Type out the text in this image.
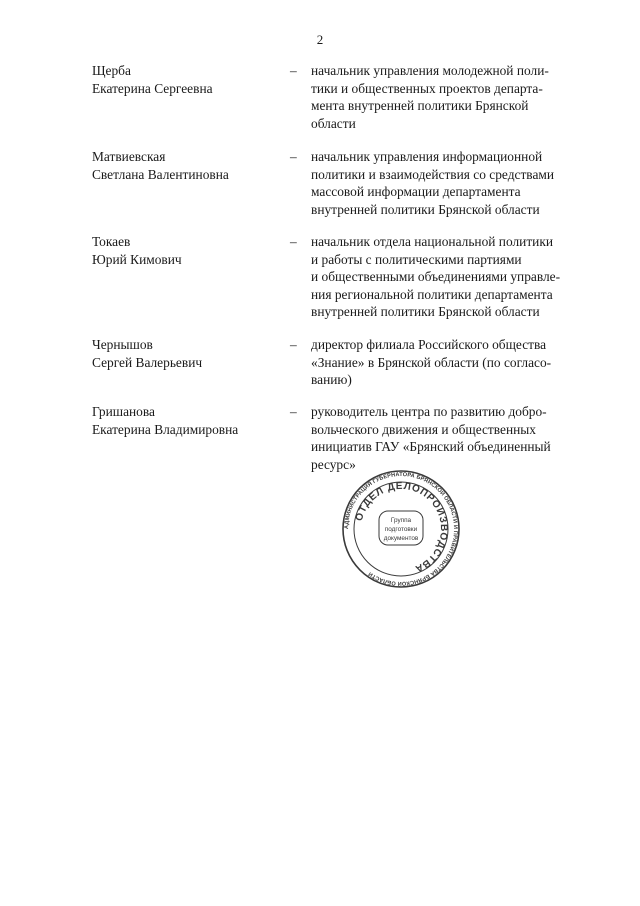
2
Щерба
Екатерина Сергеевна
– начальник управления молодежной поли-
тики и общественных проектов департа-
мента внутренней политики Брянской
области
Матвиевская
Светлана Валентиновна
– начальник управления информационной
политики и взаимодействия со средствами
массовой информации департамента
внутренней политики Брянской области
Токаев
Юрий Кимович
– начальник отдела национальной политики
и работы с политическими партиями
и общественными объединениями управле-
ния региональной политики департамента
внутренней политики Брянской области
Чернышов
Сергей Валерьевич
– директор филиала Российского общества
«Знание» в Брянской области (по согласо-
ванию)
Гришанова
Екатерина Владимировна
– руководитель центра по развитию добро-
вольческого движения и общественных
инициатив ГАУ «Брянский объединенный
ресурс»
АДМИНИСТРАЦИЯ ГУБЕРНАТОРА БРЯНСКОЙ ОБЛАСТИ И ПРАВИТЕЛЬСТВА БРЯНСКОЙ ОБЛАСТИ
ОТДЕЛ ДЕЛОПРОИЗВОДСТВА
Группа
подготовки
документов
